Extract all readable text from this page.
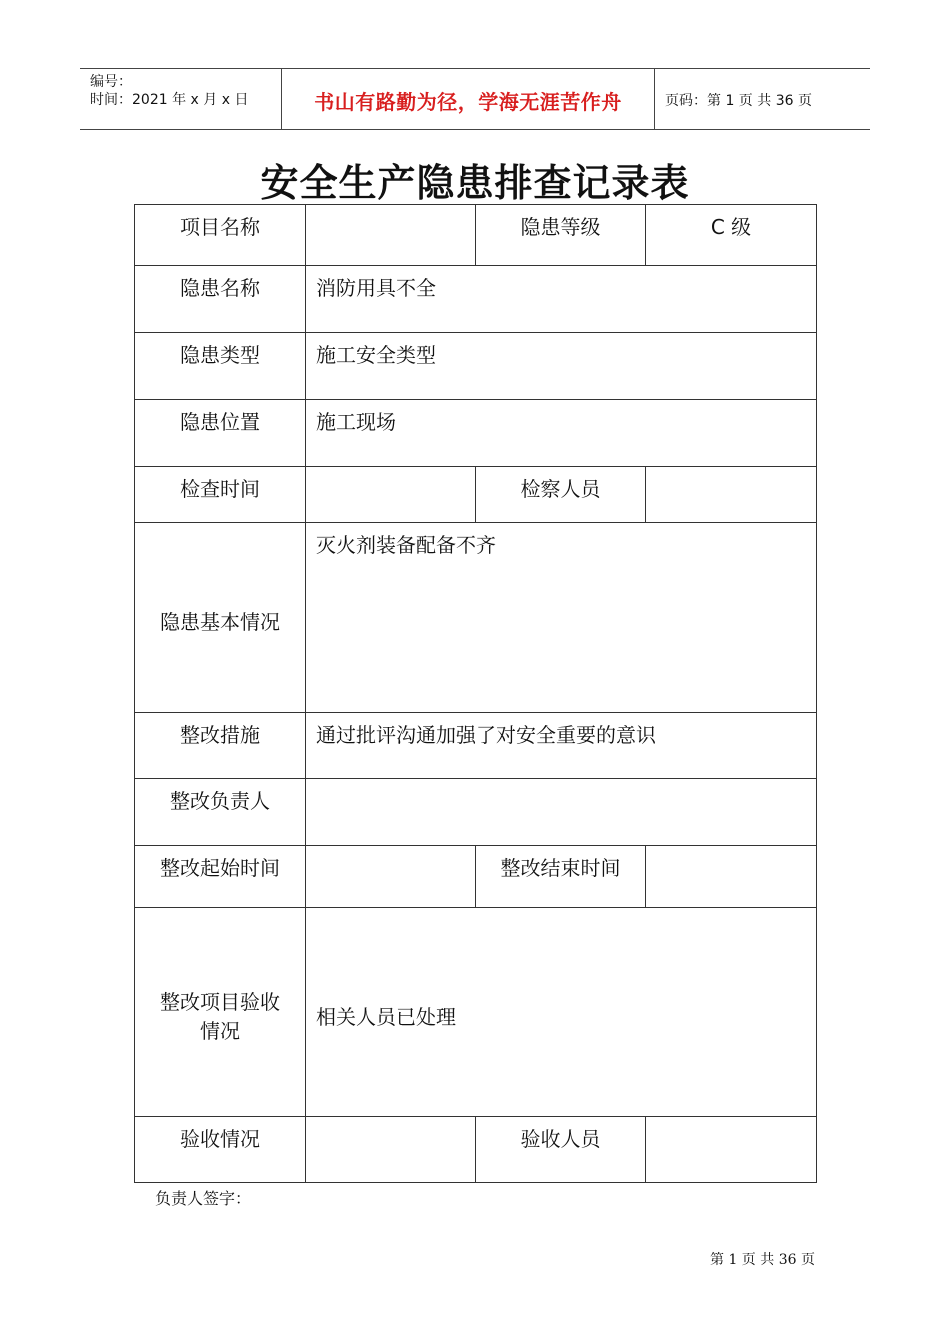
编号：
时间：2021 年 x 月 x 日	书山有路勤为径，学海无涯苦作舟	页码：第 1 页 共 36 页
安全生产隐患排查记录表
项目名称		隐患等级	C 级
隐患名称	消防用具不全		
隐患类型	施工安全类型		
隐患位置	施工现场		
检查时间		检察人员	
隐患基本情况	灭火剂装备配备不齐		
整改措施	通过批评沟通加强了对安全重要的意识		
整改负责人			
整改起始时间		整改结束时间	

整改项目验收
情况	相关人员已处理		
验收情况		验收人员	
负责人签字：
第 1 页 共 36 页
